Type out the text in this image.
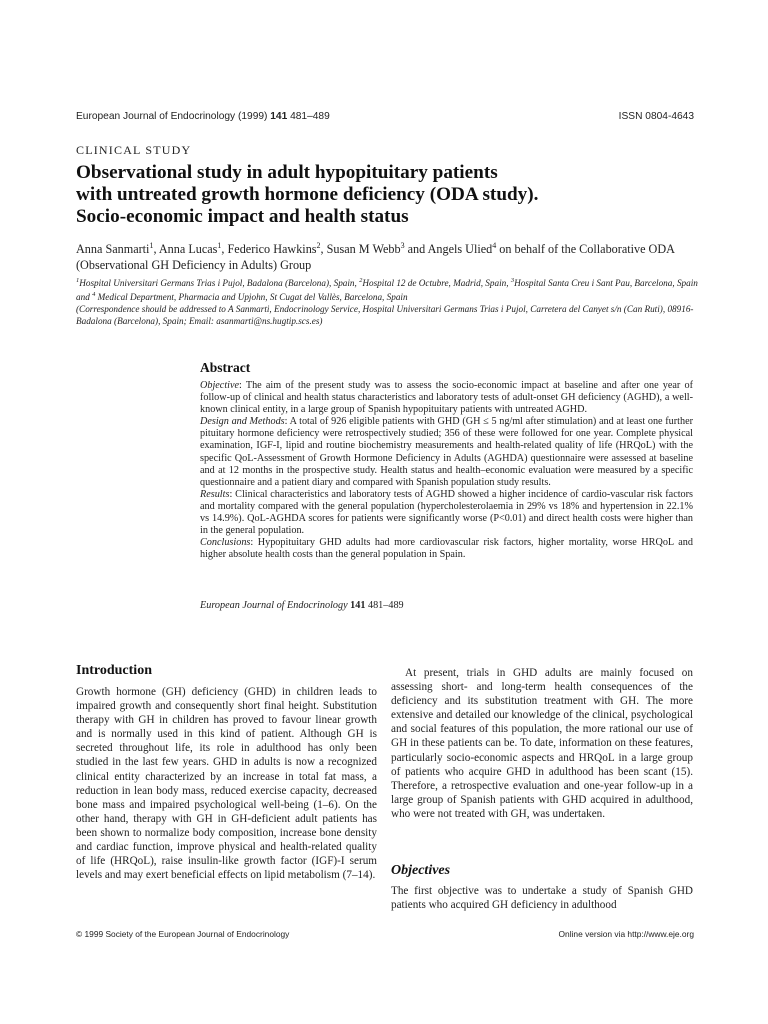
European Journal of Endocrinology (1999) 141 481–489	ISSN 0804-4643
CLINICAL STUDY
Observational study in adult hypopituitary patients
with untreated growth hormone deficiency (ODA study).
Socio-economic impact and health status
Anna Sanmarti$^1$, Anna Lucas$^1$, Federico Hawkins$^2$, Susan M Webb$^3$ and Angels Ulied$^4$ on behalf of the Collaborative ODA (Observational GH Deficiency in Adults) Group
$^1$Hospital Universitari Germans Trias i Pujol, Badalona (Barcelona), Spain, $^2$Hospital 12 de Octubre, Madrid, Spain, $^3$Hospital Santa Creu i Sant Pau, Barcelona, Spain and $^4$ Medical Department, Pharmacia and Upjohn, St Cugat del Vallès, Barcelona, Spain
(Correspondence should be addressed to A Sanmarti, Endocrinology Service, Hospital Universitari Germans Trias i Pujol, Carretera del Canyet s/n (Can Ruti), 08916-Badalona (Barcelona), Spain; Email: asanmarti@ns.hugtip.scs.es)
Abstract

Objective: The aim of the present study was to assess the socio-economic impact at baseline and after one year of follow-up of clinical and health status characteristics and laboratory tests of adult-onset GH deficiency (AGHD), a well-known clinical entity, in a large group of Spanish hypopituitary patients with untreated AGHD.

Design and Methods: A total of 926 eligible patients with GHD (GH ≤ 5 ng/ml after stimulation) and at least one further pituitary hormone deficiency were retrospectively studied; 356 of these were followed for one year. Complete physical examination, IGF-I, lipid and routine biochemistry measurements and health-related quality of life (HRQoL) with the specific QoL-Assessment of Growth Hormone Deficiency in Adults (AGHDA) questionnaire were assessed at baseline and at 12 months in the prospective study. Health status and health–economic evaluation were measured by a specific questionnaire and a patient diary and compared with Spanish population study results.

Results: Clinical characteristics and laboratory tests of AGHD showed a higher incidence of cardio-vascular risk factors and mortality compared with the general population (hypercholesterolaemia in 29% vs 18% and hypertension in 22.1% vs 14.9%). QoL-AGHDA scores for patients were significantly worse (P<0.01) and direct health costs were higher than in the general population.

Conclusions: Hypopituitary GHD adults had more cardiovascular risk factors, higher mortality, worse HRQoL and higher absolute health costs than the general population in Spain.

European Journal of Endocrinology 141 481–489
Introduction

Growth hormone (GH) deficiency (GHD) in children leads to impaired growth and consequently short final height. Substitution therapy with GH in children has proved to favour linear growth and is normally used in this kind of patient. Although GH is secreted throughout life, its role in adulthood has only been studied in the last few years. GHD in adults is now a recognized clinical entity characterized by an increase in total fat mass, a reduction in lean body mass, reduced exercise capacity, decreased bone mass and impaired psychological well-being (1–6). On the other hand, therapy with GH in GH-deficient adult patients has been shown to normalize body composition, increase bone density and cardiac function, improve physical and health-related quality of life (HRQoL), raise insulin-like growth factor (IGF)-I serum levels and may exert beneficial effects on lipid metabolism (7–14).

At present, trials in GHD adults are mainly focused on assessing short- and long-term health consequences of the deficiency and its substitution treatment with GH. The more extensive and detailed our knowledge of the clinical, psychological and social features of this population, the more rational our use of GH in these patients can be. To date, information on these features, particularly socio-economic aspects and HRQoL in a large group of patients who acquire GHD in adulthood has been scant (15). Therefore, a retrospective evaluation and one-year follow-up in a large group of Spanish patients with GHD acquired in adulthood, who were not treated with GH, was undertaken.

Objectives

The first objective was to undertake a study of Spanish GHD patients who acquired GH deficiency in adulthood

© 1999 Society of the European Journal of Endocrinology	Online version via http://www.eje.org
